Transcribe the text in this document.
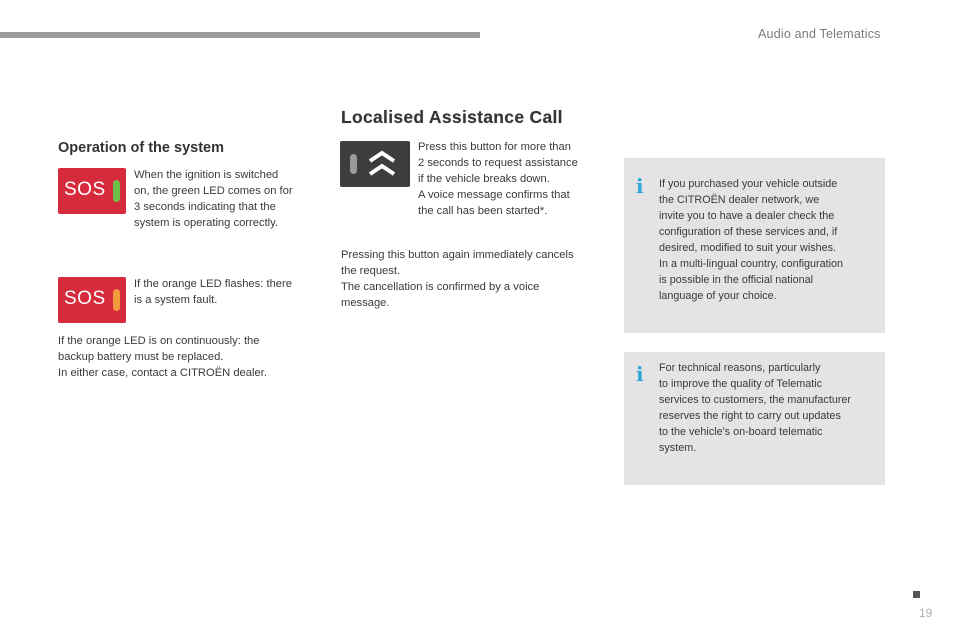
Audio and Telematics
Operation of the system
SOS
When the ignition is switched
on, the green LED comes on for
3 seconds indicating that the
system is operating correctly.
SOS
If the orange LED flashes: there
is a system fault.
If the orange LED is on continuously: the
backup battery must be replaced.
In either case, contact a CITROËN dealer.
Localised Assistance Call
Press this button for more than
2 seconds to request assistance
if the vehicle breaks down.
A voice message confirms that
the call has been started*.
Pressing this button again immediately cancels
the request.
The cancellation is confirmed by a voice
message.
i If you purchased your vehicle outside
the CITROËN dealer network, we
invite you to have a dealer check the
configuration of these services and, if
desired, modified to suit your wishes.
In a multi-lingual country, configuration
is possible in the official national
language of your choice.
i For technical reasons, particularly
to improve the quality of Telematic
services to customers, the manufacturer
reserves the right to carry out updates
to the vehicle's on-board telematic
system.
19
